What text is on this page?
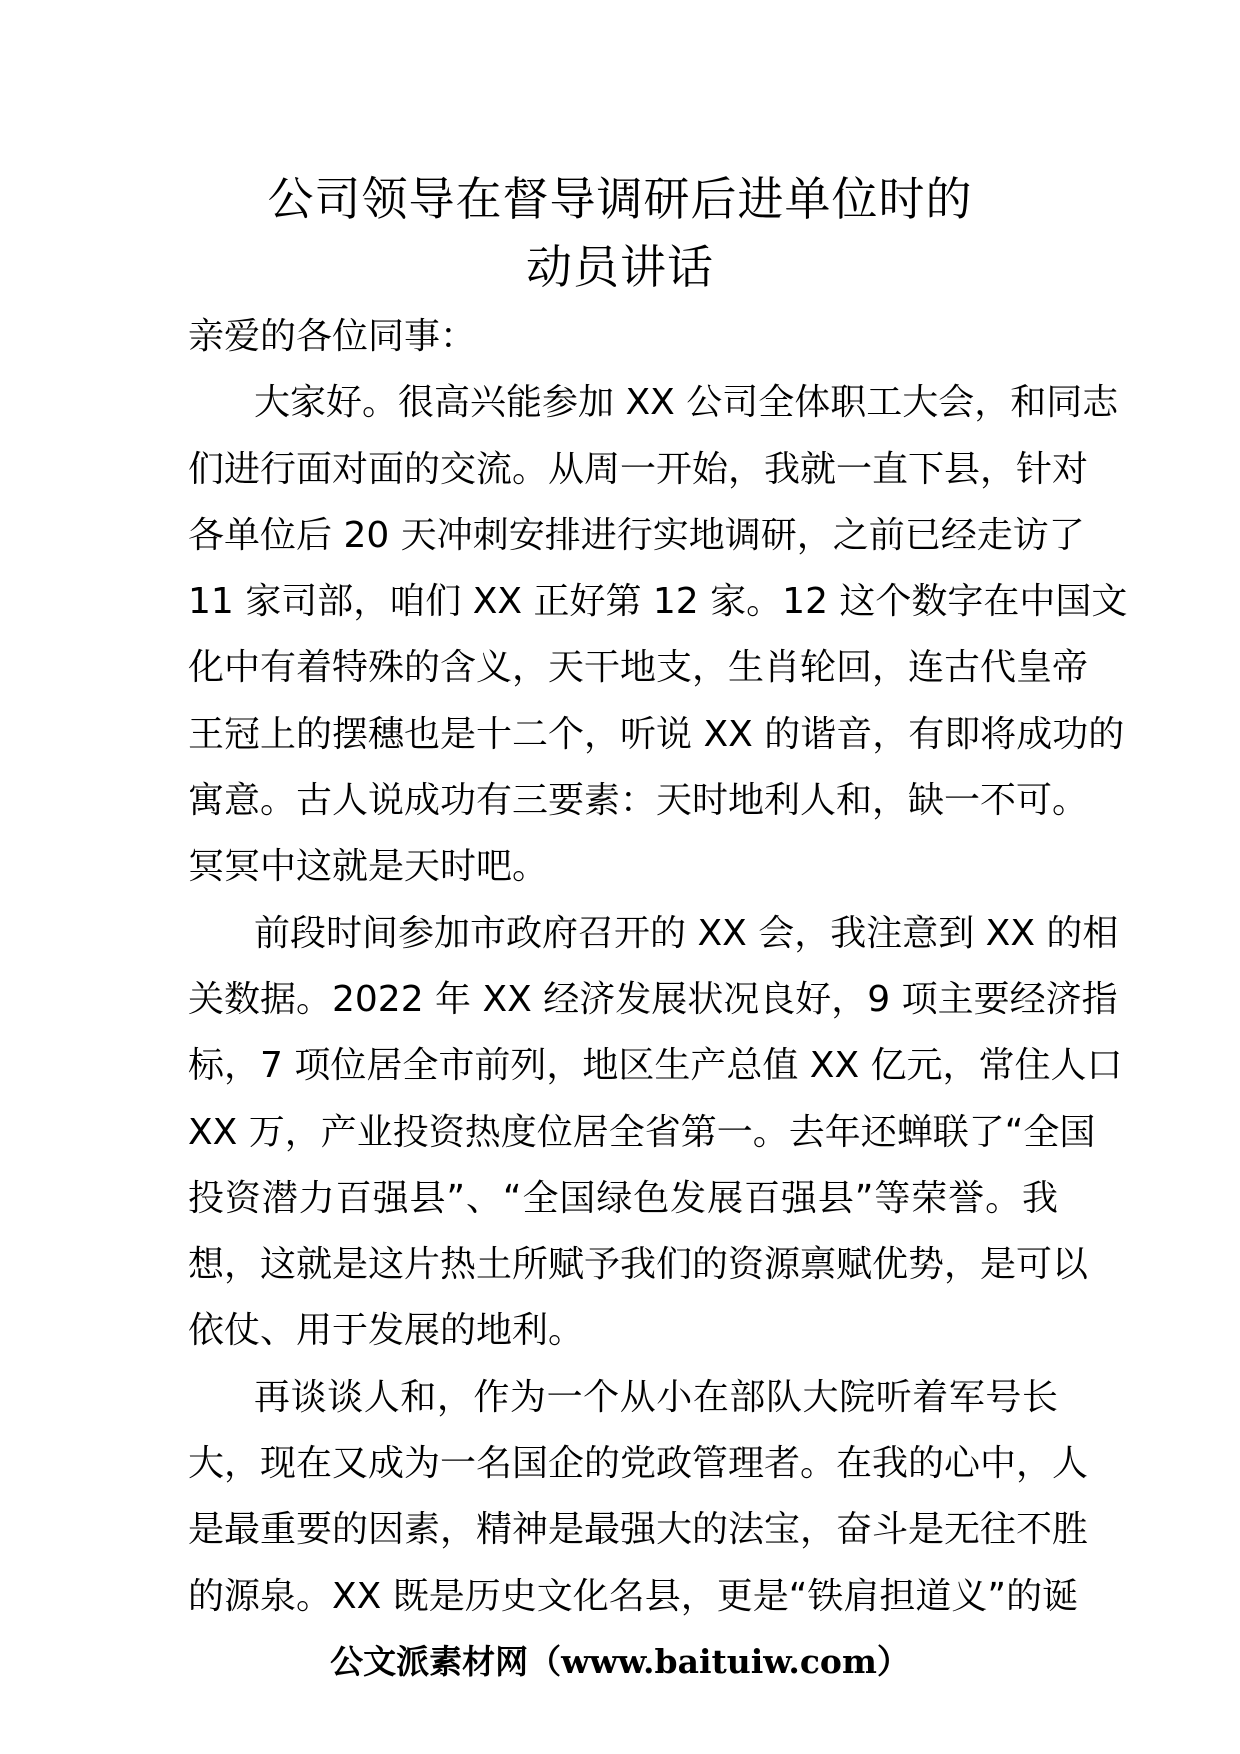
公司领导在督导调研后进单位时的
动员讲话
亲爱的各位同事：
大家好。很高兴能参加 XX 公司全体职工大会，和同志
们进行面对面的交流。从周一开始，我就一直下县，针对
各单位后 20 天冲刺安排进行实地调研，之前已经走访了
11 家司部，咱们 XX 正好第 12 家。12 这个数字在中国文
化中有着特殊的含义，天干地支，生肖轮回，连古代皇帝
王冠上的摆穗也是十二个，听说 XX 的谐音，有即将成功的
寓意。古人说成功有三要素：天时地利人和，缺一不可。
冥冥中这就是天时吧。
前段时间参加市政府召开的 XX 会，我注意到 XX 的相
关数据。2022 年 XX 经济发展状况良好，9 项主要经济指
标，7 项位居全市前列，地区生产总值 XX 亿元，常住人口
XX 万，产业投资热度位居全省第一。去年还蝉联了“全国
投资潜力百强县”、“全国绿色发展百强县”等荣誉。我
想，这就是这片热土所赋予我们的资源禀赋优势，是可以
依仗、用于发展的地利。
再谈谈人和，作为一个从小在部队大院听着军号长
大，现在又成为一名国企的党政管理者。在我的心中，人
是最重要的因素，精神是最强大的法宝，奋斗是无往不胜
的源泉。XX 既是历史文化名县，更是“铁肩担道义”的诞
公文派素材网（www.baituiw.com）
